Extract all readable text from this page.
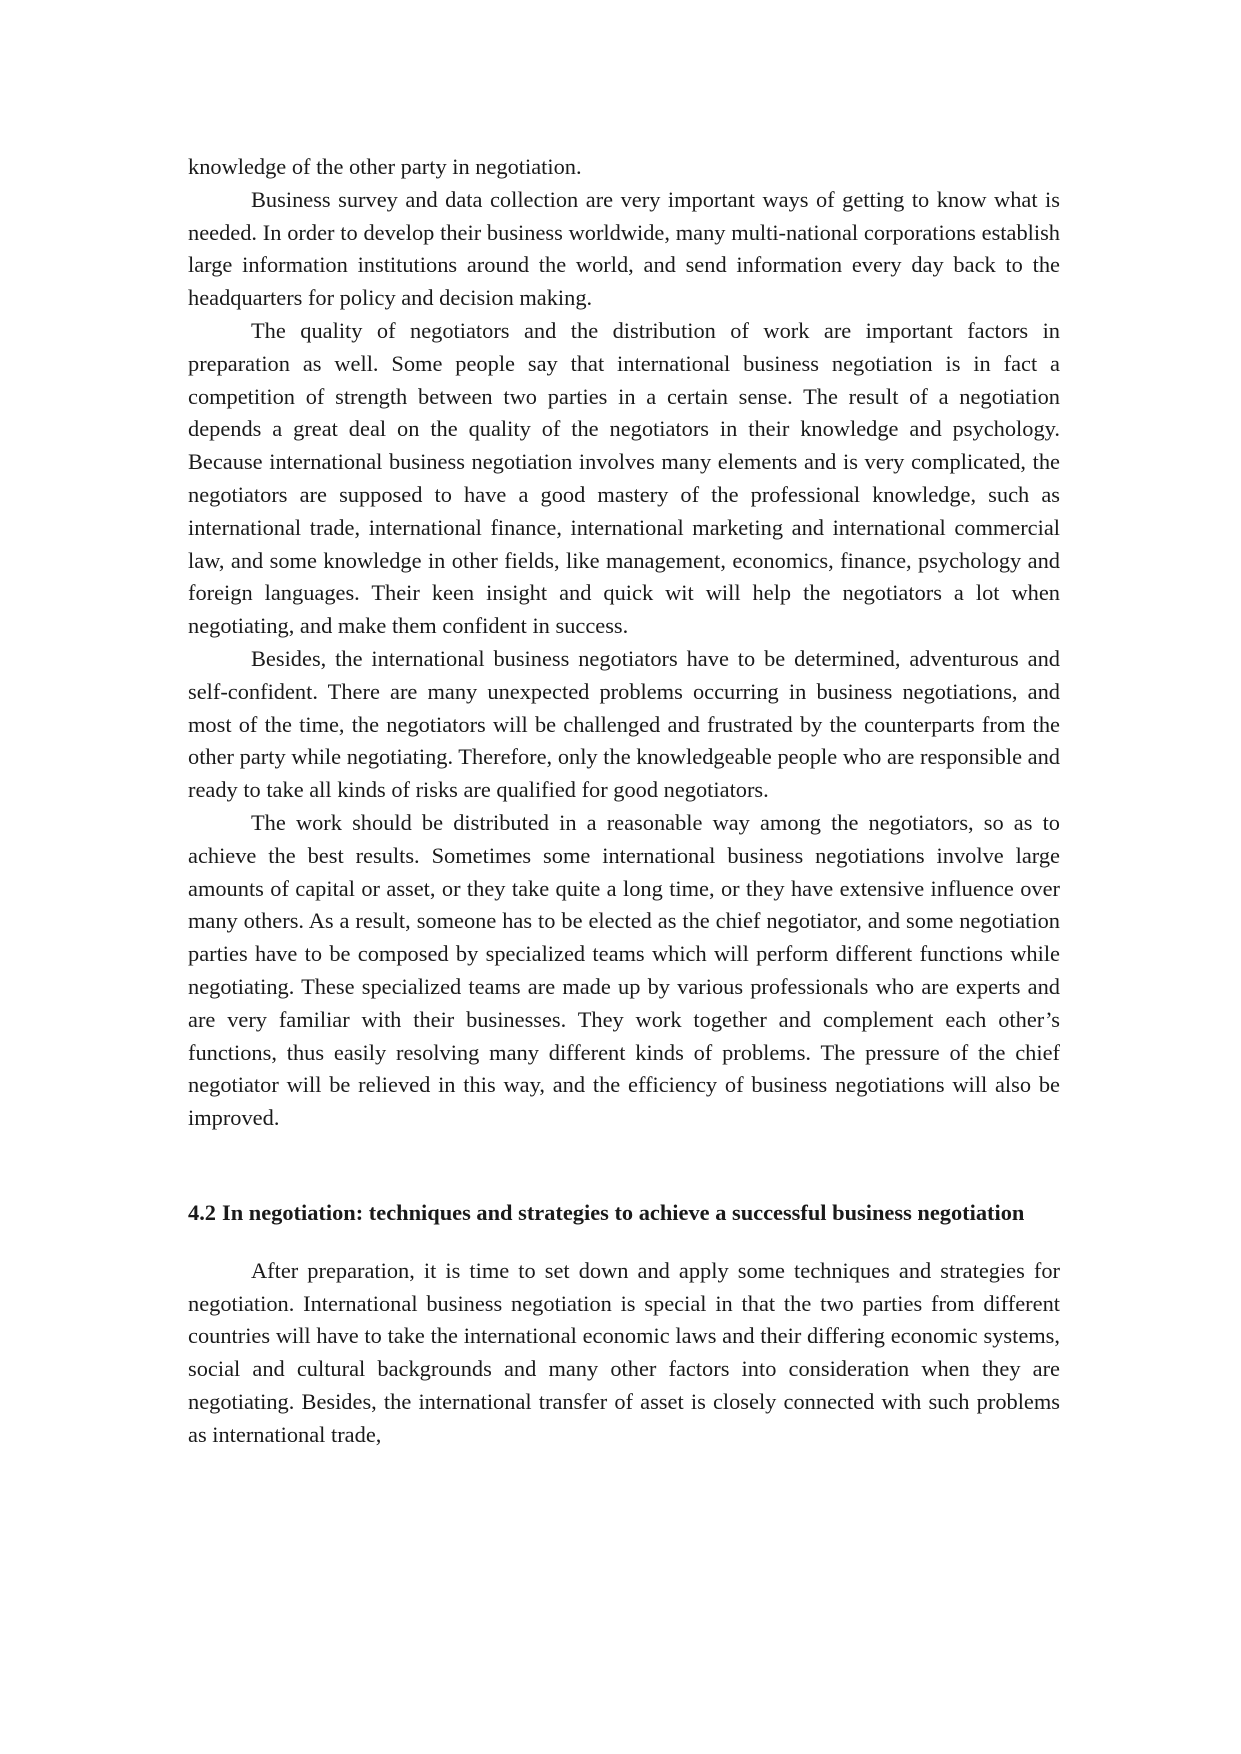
knowledge of the other party in negotiation.

Business survey and data collection are very important ways of getting to know what is needed. In order to develop their business worldwide, many multi-national corporations establish large information institutions around the world, and send information every day back to the headquarters for policy and decision making.

The quality of negotiators and the distribution of work are important factors in preparation as well. Some people say that international business negotiation is in fact a competition of strength between two parties in a certain sense. The result of a negotiation depends a great deal on the quality of the negotiators in their knowledge and psychology. Because international business negotiation involves many elements and is very complicated, the negotiators are supposed to have a good mastery of the professional knowledge, such as international trade, international finance, international marketing and international commercial law, and some knowledge in other fields, like management, economics, finance, psychology and foreign languages. Their keen insight and quick wit will help the negotiators a lot when negotiating, and make them confident in success.

Besides, the international business negotiators have to be determined, adventurous and self-confident. There are many unexpected problems occurring in business negotiations, and most of the time, the negotiators will be challenged and frustrated by the counterparts from the other party while negotiating. Therefore, only the knowledgeable people who are responsible and ready to take all kinds of risks are qualified for good negotiators.

The work should be distributed in a reasonable way among the negotiators, so as to achieve the best results. Sometimes some international business negotiations involve large amounts of capital or asset, or they take quite a long time, or they have extensive influence over many others. As a result, someone has to be elected as the chief negotiator, and some negotiation parties have to be composed by specialized teams which will perform different functions while negotiating. These specialized teams are made up by various professionals who are experts and are very familiar with their businesses. They work together and complement each other’s functions, thus easily resolving many different kinds of problems. The pressure of the chief negotiator will be relieved in this way, and the efficiency of business negotiations will also be improved.

4.2 In negotiation: techniques and strategies to achieve a successful business negotiation

After preparation, it is time to set down and apply some techniques and strategies for negotiation. International business negotiation is special in that the two parties from different countries will have to take the international economic laws and their differing economic systems, social and cultural backgrounds and many other factors into consideration when they are negotiating. Besides, the international transfer of asset is closely connected with such problems as international trade,
